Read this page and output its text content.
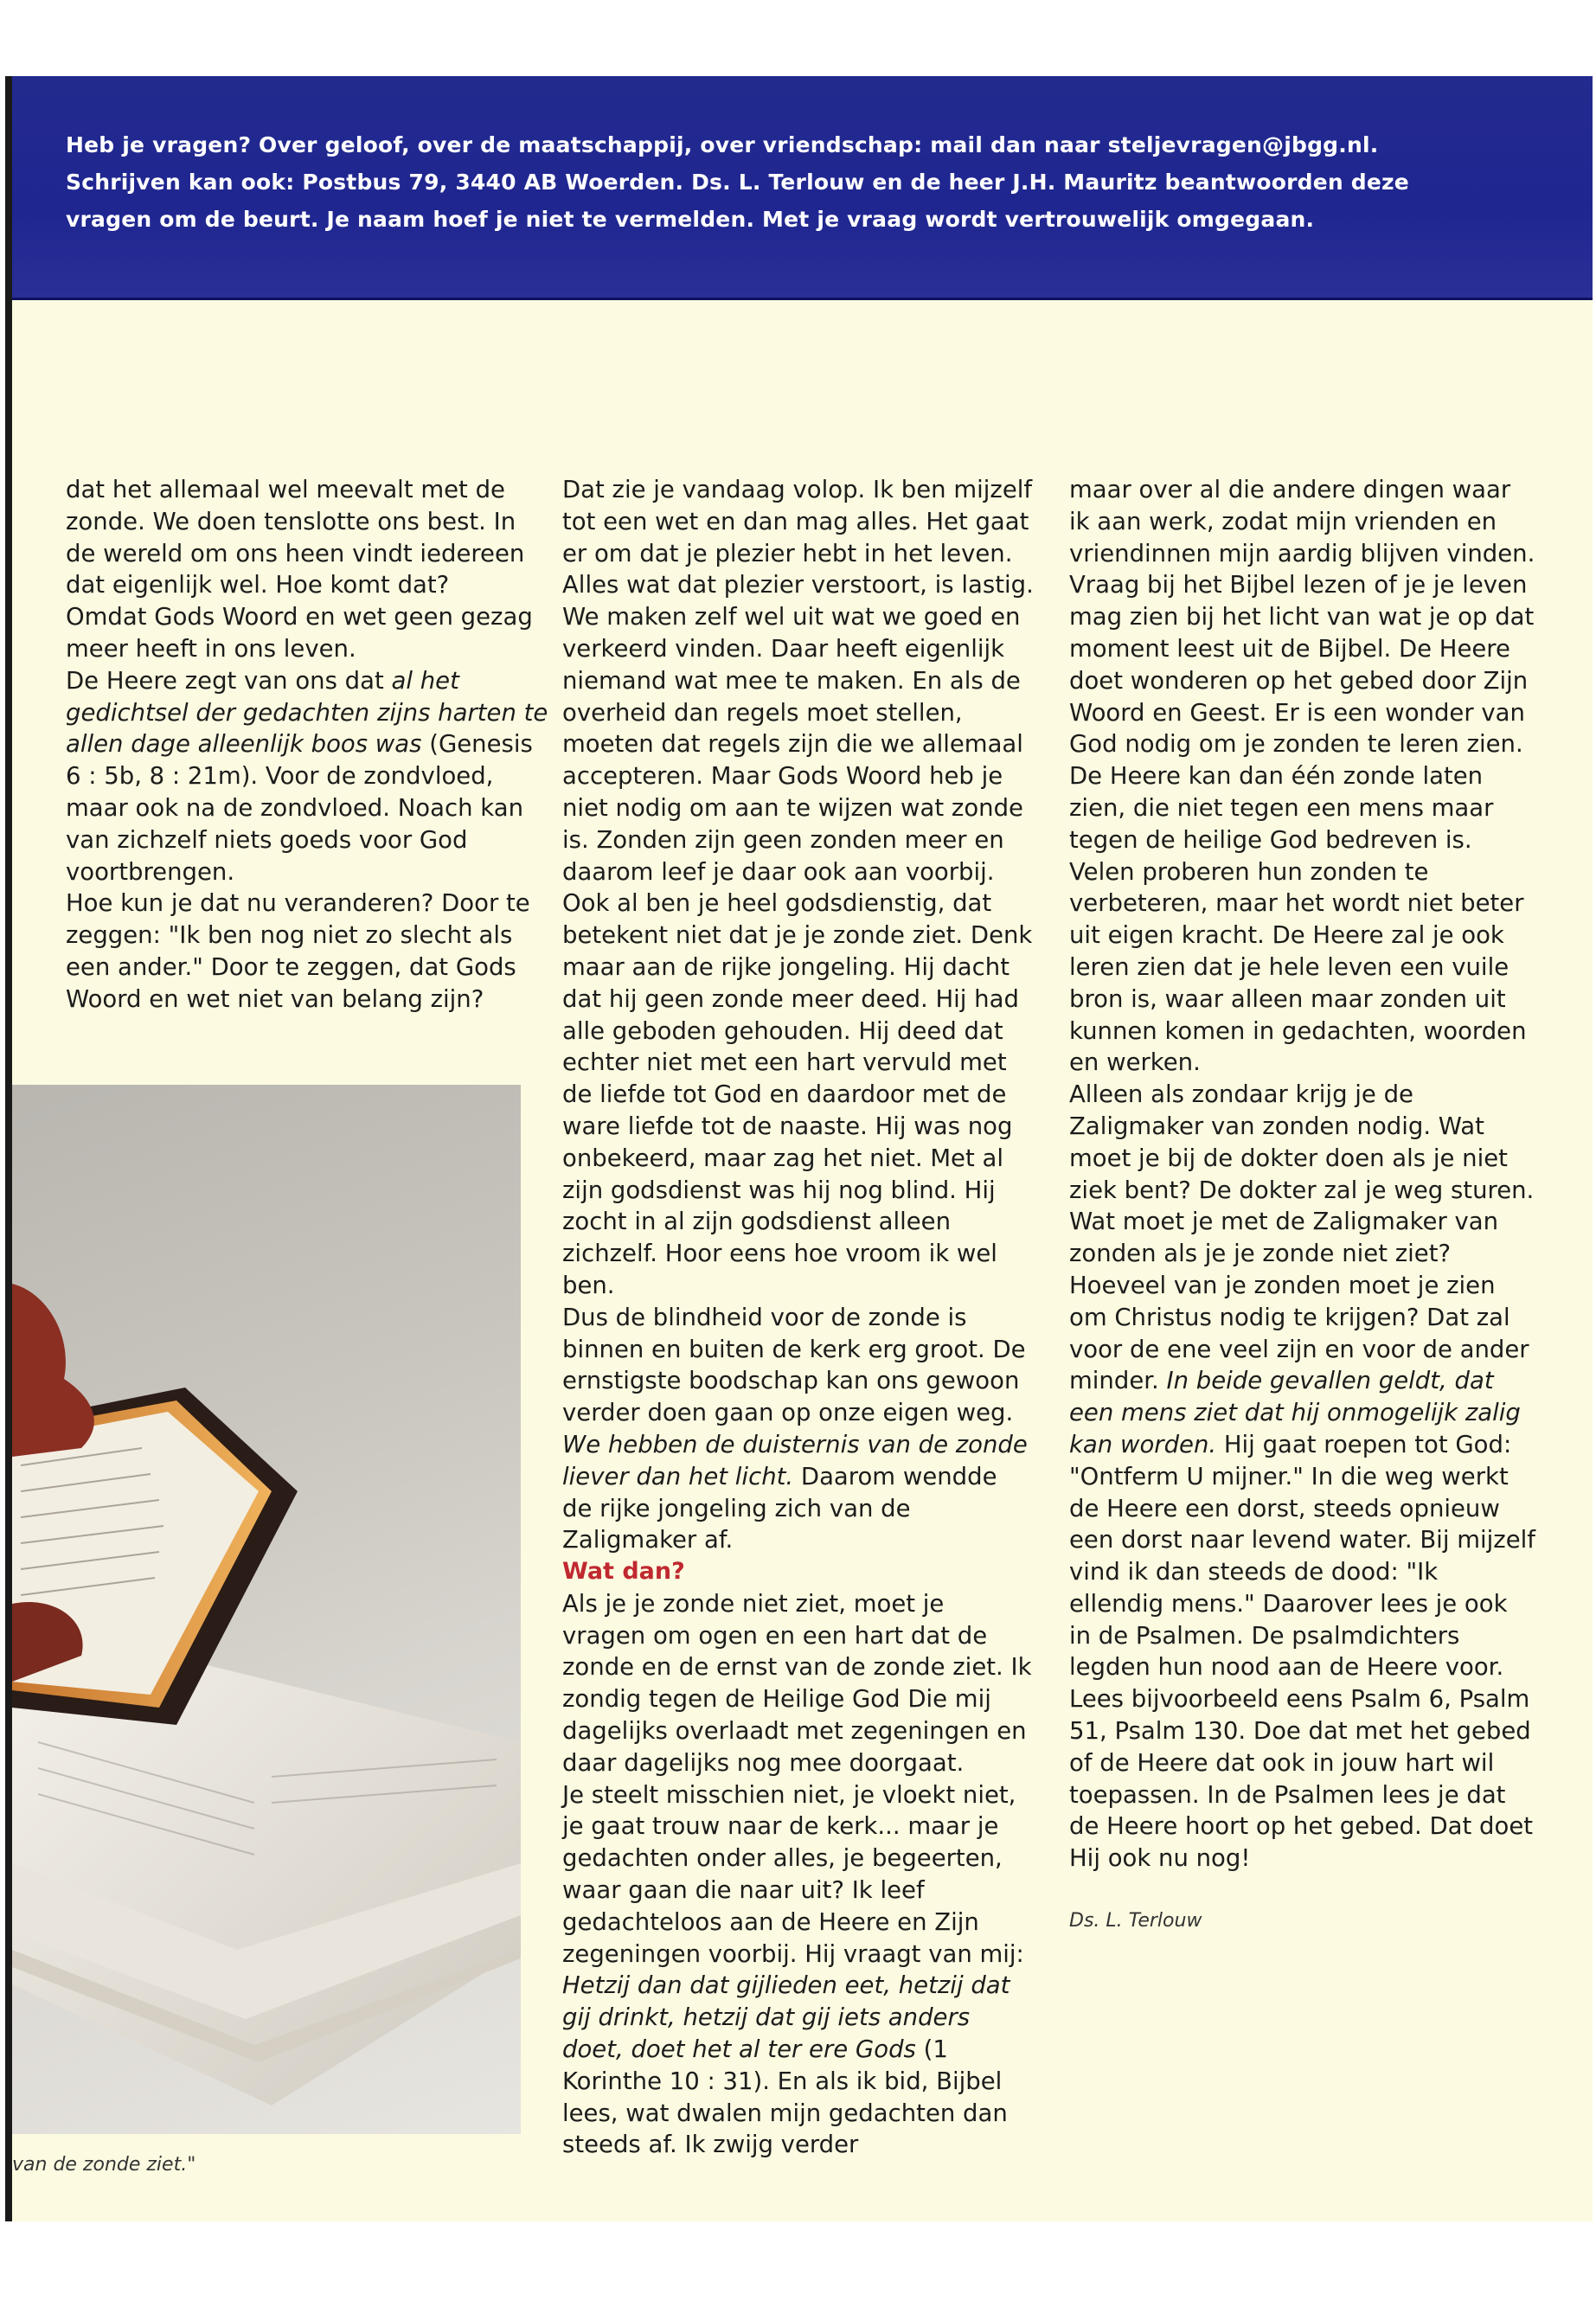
Heb je vragen? Over geloof, over de maatschappij, over vriendschap: mail dan naar steljevragen@jbgg.nl.
Schrijven kan ook: Postbus 79, 3440 AB Woerden. Ds. L. Terlouw en de heer J.H. Mauritz beantwoorden deze
vragen om de beurt. Je naam hoef je niet te vermelden. Met je vraag wordt vertrouwelijk omgegaan.

dat het allemaal wel meevalt met de zonde. We doen tenslotte ons best. In de wereld om ons heen vindt iedereen dat eigenlijk wel. Hoe komt dat?

Omdat Gods Woord en wet geen gezag meer heeft in ons leven.

De Heere zegt van ons dat al het gedichtsel der gedachten zijns harten te allen dage alleenlijk boos was (Genesis 6 : 5b, 8 : 21m). Voor de zondvloed, maar ook na de zondvloed. Noach kan van zichzelf niets goeds voor God voortbrengen.

Hoe kun je dat nu veranderen? Door te zeggen: "Ik ben nog niet zo slecht als een ander." Door te zeggen, dat Gods Woord en wet niet van belang zijn?

Dat zie je vandaag volop. Ik ben mijzelf tot een wet en dan mag alles. Het gaat er om dat je plezier hebt in het leven. Alles wat dat plezier verstoort, is lastig. We maken zelf wel uit wat we goed en verkeerd vinden. Daar heeft eigenlijk niemand wat mee te maken. En als de overheid dan regels moet stellen, moeten dat regels zijn die we allemaal accepteren. Maar Gods Woord heb je niet nodig om aan te wijzen wat zonde is. Zonden zijn geen zonden meer en daarom leef je daar ook aan voorbij. Ook al ben je heel godsdienstig, dat betekent niet dat je je zonde ziet. Denk maar aan de rijke jongeling. Hij dacht dat hij geen zonde meer deed. Hij had alle geboden gehouden. Hij deed dat echter niet met een hart vervuld met de liefde tot God en daardoor met de ware liefde tot de naaste. Hij was nog onbekeerd, maar zag het niet. Met al zijn godsdienst was hij nog blind. Hij zocht in al zijn godsdienst alleen zichzelf. Hoor eens hoe vroom ik wel ben.

Dus de blindheid voor de zonde is binnen en buiten de kerk erg groot. De ernstigste boodschap kan ons gewoon verder doen gaan op onze eigen weg. We hebben de duisternis van de zonde liever dan het licht. Daarom wendde de rijke jongeling zich van de Zaligmaker af.

Wat dan?

Als je je zonde niet ziet, moet je vragen om ogen en een hart dat de zonde en de ernst van de zonde ziet. Ik zondig tegen de Heilige God Die mij dagelijks overlaadt met zegeningen en daar dagelijks nog mee doorgaat.

Je steelt misschien niet, je vloekt niet, je gaat trouw naar de kerk... maar je gedachten onder alles, je begeerten, waar gaan die naar uit? Ik leef gedachteloos aan de Heere en Zijn zegeningen voorbij. Hij vraagt van mij: Hetzij dan dat gijlieden eet, hetzij dat gij drinkt, hetzij dat gij iets anders doet, doet het al ter ere Gods (1 Korinthe 10 : 31). En als ik bid, Bijbel lees, wat dwalen mijn gedachten dan steeds af. Ik zwijg verder

maar over al die andere dingen waar ik aan werk, zodat mijn vrienden en vriendinnen mijn aardig blijven vinden.

Vraag bij het Bijbel lezen of je je leven mag zien bij het licht van wat je op dat moment leest uit de Bijbel. De Heere doet wonderen op het gebed door Zijn Woord en Geest. Er is een wonder van God nodig om je zonden te leren zien.

De Heere kan dan één zonde laten zien, die niet tegen een mens maar tegen de heilige God bedreven is. Velen proberen hun zonden te verbeteren, maar het wordt niet beter uit eigen kracht. De Heere zal je ook leren zien dat je hele leven een vuile bron is, waar alleen maar zonden uit kunnen komen in gedachten, woorden en werken.

Alleen als zondaar krijg je de Zaligmaker van zonden nodig. Wat moet je bij de dokter doen als je niet ziek bent? De dokter zal je weg sturen. Wat moet je met de Zaligmaker van zonden als je je zonde niet ziet? Hoeveel van je zonden moet je zien om Christus nodig te krijgen? Dat zal voor de ene veel zijn en voor de ander minder. In beide gevallen geldt, dat een mens ziet dat hij onmogelijk zalig kan worden. Hij gaat roepen tot God: "Ontferm U mijner." In die weg werkt de Heere een dorst, steeds opnieuw een dorst naar levend water. Bij mijzelf vind ik dan steeds de dood: "Ik ellendig mens." Daarover lees je ook in de Psalmen. De psalmdichters legden hun nood aan de Heere voor. Lees bijvoorbeeld eens Psalm 6, Psalm 51, Psalm 130. Doe dat met het gebed of de Heere dat ook in jouw hart wil toepassen. In de Psalmen lees je dat de Heere hoort op het gebed. Dat doet Hij ook nu nog!

Ds. L. Terlouw

van de zonde ziet."
